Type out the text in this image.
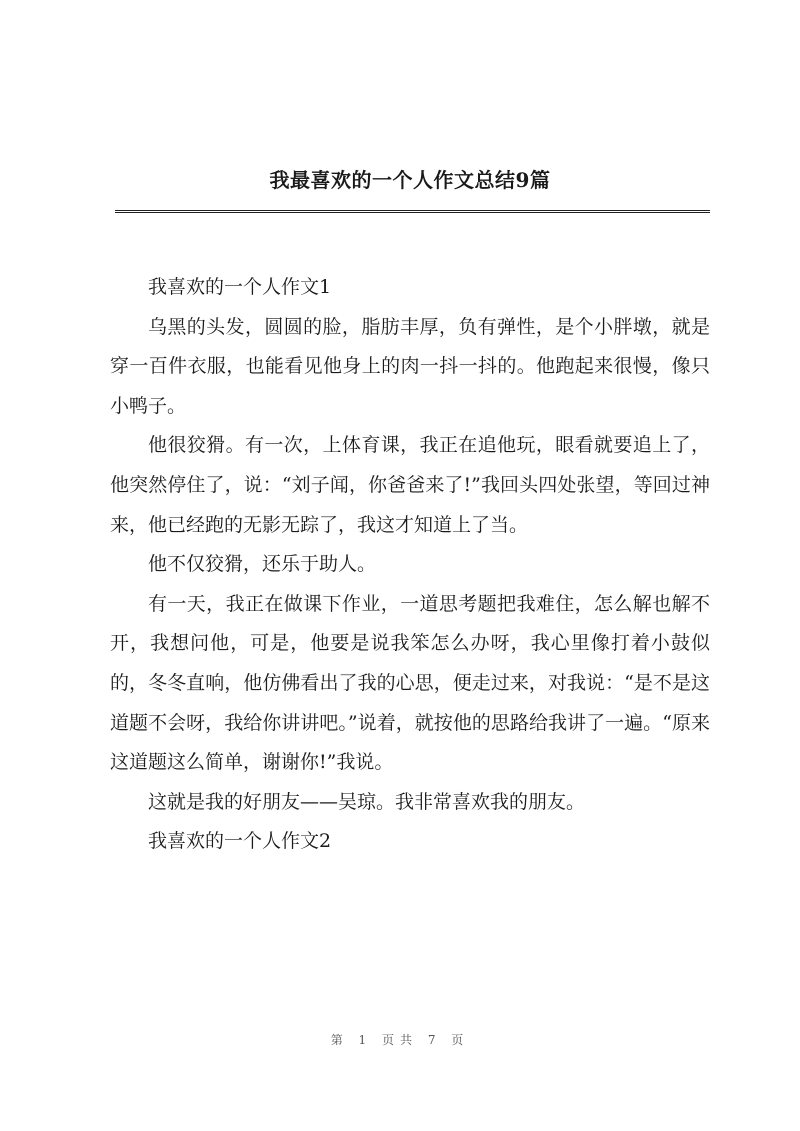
我最喜欢的一个人作文总结9篇

我喜欢的一个人作文1

乌黑的头发，圆圆的脸，脂肪丰厚，负有弹性，是个小胖墩，就是穿一百件衣服，也能看见他身上的肉一抖一抖的。他跑起来很慢，像只小鸭子。

他很狡猾。有一次，上体育课，我正在追他玩，眼看就要追上了，他突然停住了，说：“刘子闻，你爸爸来了!”我回头四处张望，等回过神来，他已经跑的无影无踪了，我这才知道上了当。

他不仅狡猾，还乐于助人。

有一天，我正在做课下作业，一道思考题把我难住，怎么解也解不开，我想问他，可是，他要是说我笨怎么办呀，我心里像打着小鼓似的，冬冬直响，他仿佛看出了我的心思，便走过来，对我说：“是不是这道题不会呀，我给你讲讲吧。”说着，就按他的思路给我讲了一遍。“原来这道题这么简单，谢谢你!”我说。

这就是我的好朋友——吴琼。我非常喜欢我的朋友。

我喜欢的一个人作文2

第 1 页共 7 页
